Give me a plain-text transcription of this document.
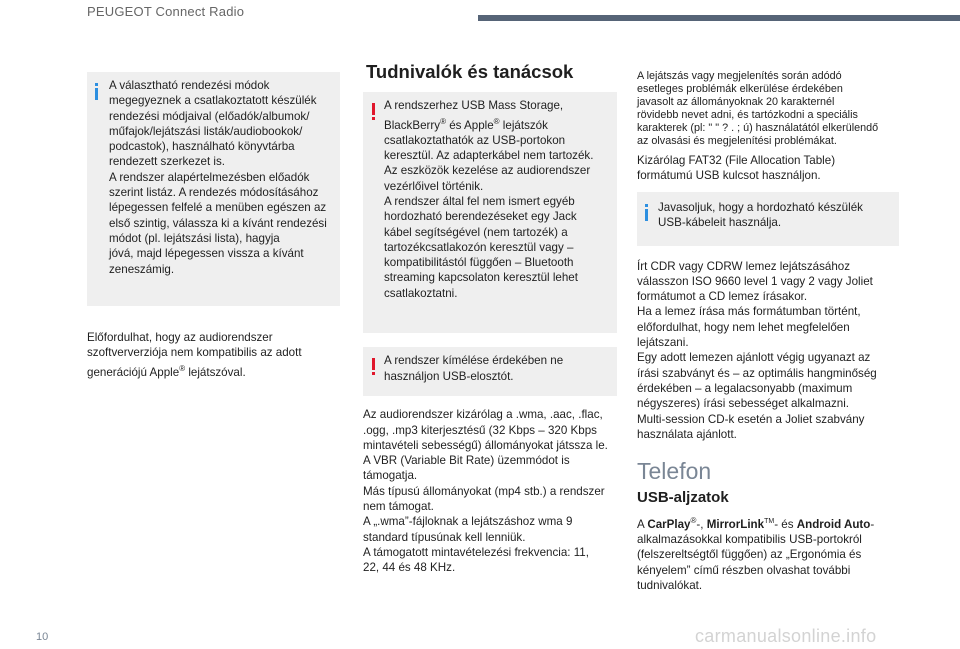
PEUGEOT Connect Radio
A választható rendezési módok
megegyeznek a csatlakoztatott készülék
rendezési módjaival (előadók/albumok/
műfajok/lejátszási listák/audiobookok/
podcastok), használható könyvtárba
rendezett szerkezet is.
A rendszer alapértelmezésben előadók
szerint listáz. A rendezés módosításához
lépegessen felfelé a menüben egészen az
első szintig, válassza ki a kívánt rendezési
módot (pl. lejátszási lista), hagyja
jóvá, majd lépegessen vissza a kívánt
zeneszámig.

Előfordulhat, hogy az audiorendszer
szoftververziója nem kompatibilis az adott
generációjú Apple® lejátszóval.

Tudnivalók és tanácsok
A rendszerhez USB Mass Storage,
BlackBerry® és Apple® lejátszók
csatlakoztathatók az USB-portokon
keresztül. Az adapterkábel nem tartozék.
Az eszközök kezelése az audiorendszer
vezérlőivel történik.
A rendszer által fel nem ismert egyéb
hordozható berendezéseket egy Jack
kábel segítségével (nem tartozék) a
tartozékcsatlakozón keresztül vagy –
kompatibilitástól függően – Bluetooth
streaming kapcsolaton keresztül lehet
csatlakoztatni.
A rendszer kímélése érdekében ne
használjon USB-elosztót.

Az audiorendszer kizárólag a .wma, .aac, .flac,
.ogg, .mp3 kiterjesztésű (32 Kbps – 320 Kbps
mintavételi sebességű) állományokat játssza le.
A VBR (Variable Bit Rate) üzemmódot is
támogatja.
Más típusú állományokat (mp4 stb.) a rendszer
nem támogat.
A „.wma”-fájloknak a lejátszáshoz wma 9
standard típusúnak kell lenniük.
A támogatott mintavételezési frekvencia: 11,
22, 44 és 48 KHz.

A lejátszás vagy megjelenítés során adódó
esetleges problémák elkerülése érdekében
javasolt az állományoknak 20 karakternél
rövidebb nevet adni, és tartózkodni a speciális
karakterek (pl: " " ? . ; ú) használatától elkerülendő
az olvasási és megjelenítési problémákat.

Kizárólag FAT32 (File Allocation Table)
formátumú USB kulcsot használjon.

Javasoljuk, hogy a hordozható készülék
USB-kábeleit használja.

Írt CDR vagy CDRW lemez lejátszásához
válasszon ISO 9660 level 1 vagy 2 vagy Joliet
formátumot a CD lemez írásakor.
Ha a lemez írása más formátumban történt,
előfordulhat, hogy nem lehet megfelelően
lejátszani.
Egy adott lemezen ajánlott végig ugyanazt az
írási szabványt és – az optimális hangminőség
érdekében – a legalacsonyabb (maximum
négyszeres) írási sebességet alkalmazni.
Multi-session CD-k esetén a Joliet szabvány
használata ajánlott.

Telefon
USB-aljzatok

A CarPlay®-, MirrorLink™- és Android Auto-
alkalmazásokkal kompatibilis USB-portokról
(felszereltségtől függően) az „Ergonómia és
kényelem” című részben olvashat további
tudnivalókat.

10	carmanualsonline.info
